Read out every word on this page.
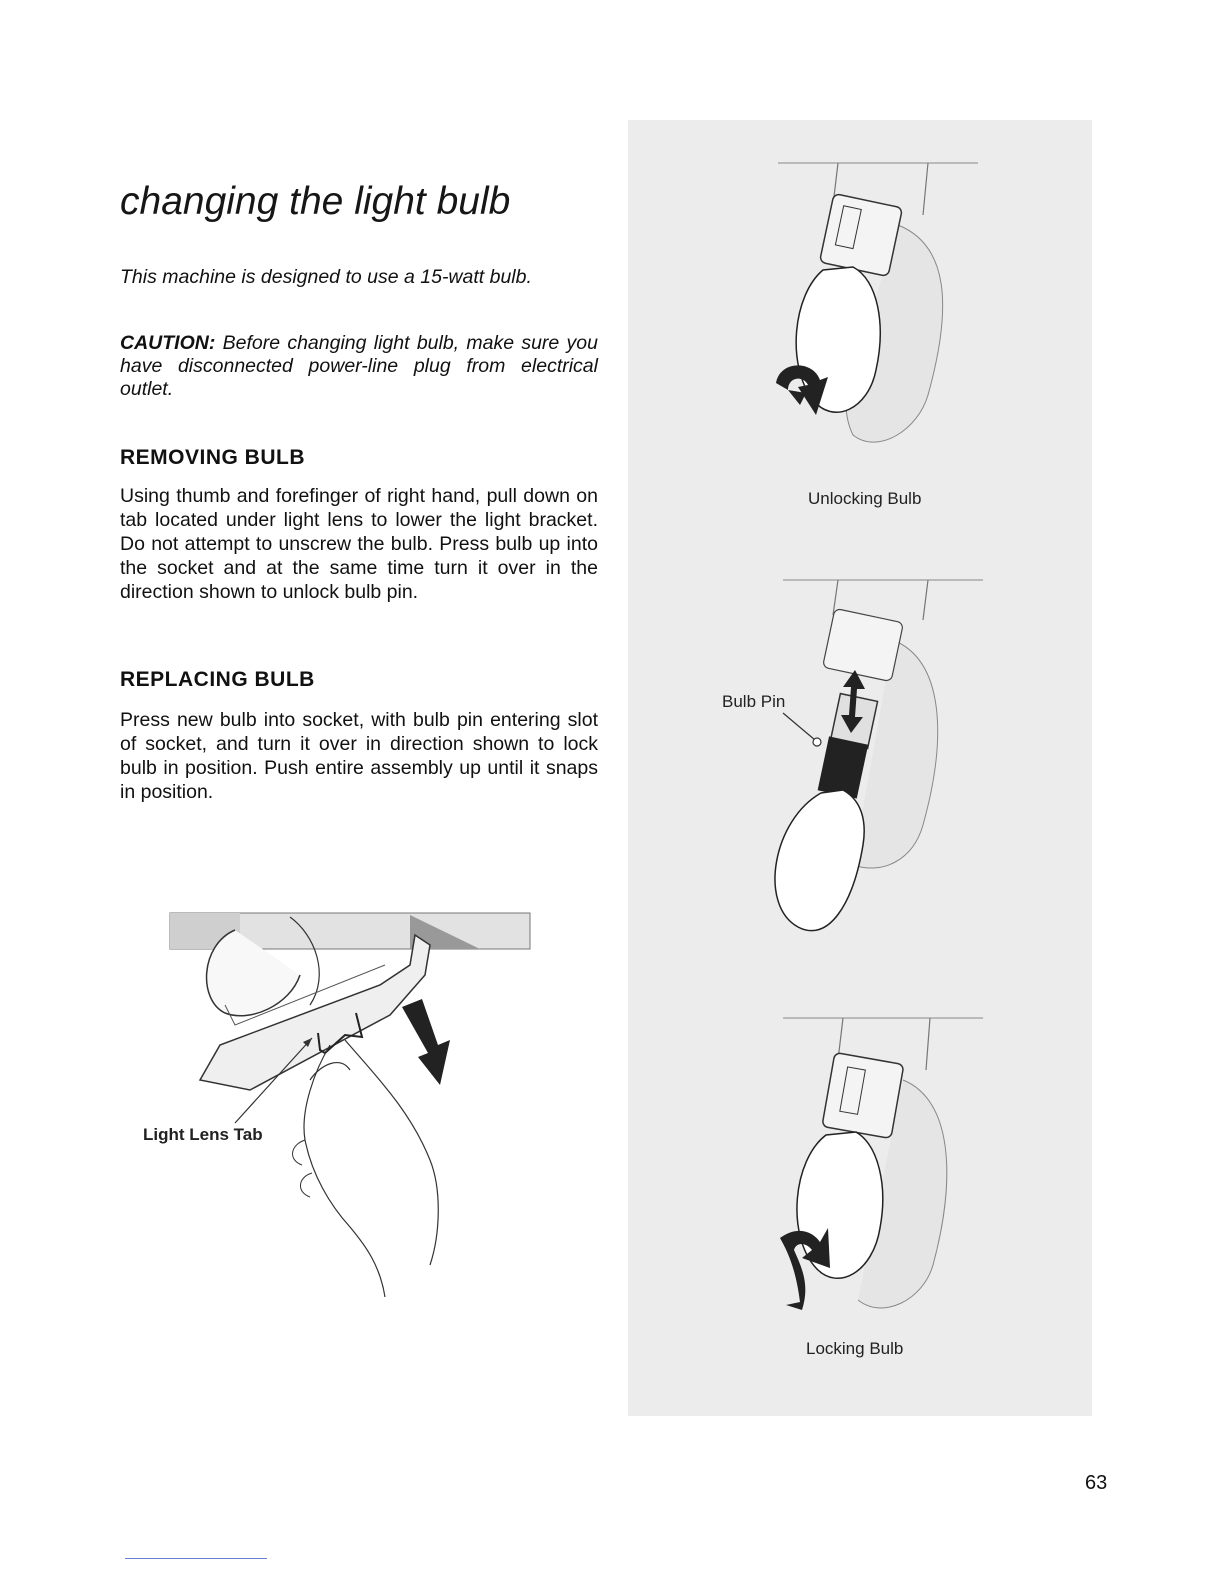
changing the light bulb

This machine is designed to use a 15-watt bulb.

CAUTION: Before changing light bulb, make sure you have disconnected power-line plug from electrical outlet.

REMOVING BULB

Using thumb and forefinger of right hand, pull down on tab located under light lens to lower the light bracket. Do not attempt to unscrew the bulb. Press bulb up into the socket and at the same time turn it over in the direction shown to unlock bulb pin.

REPLACING BULB

Press new bulb into socket, with bulb pin entering slot of socket, and turn it over in direction shown to lock bulb in position. Push entire assembly up until it snaps in position.

Light Lens Tab
Unlocking Bulb
Bulb Pin
Locking Bulb
63
